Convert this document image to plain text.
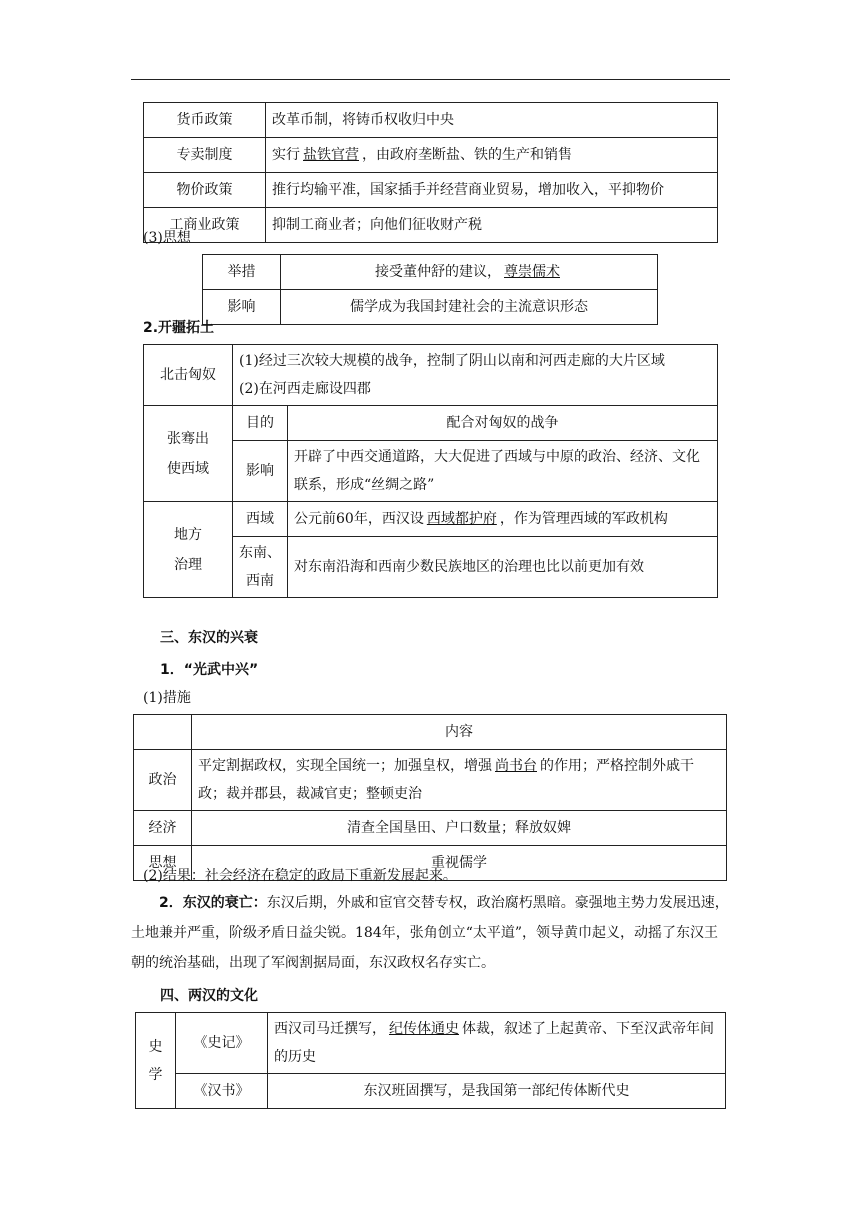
货币政策	改革币制，将铸币权收归中央
专卖制度	实行 盐铁官营 ，由政府垄断盐、铁的生产和销售
物价政策	推行均输平准，国家插手并经营商业贸易，增加收入，平抑物价
工商业政策	抑制工商业者；向他们征收财产税
(3)思想
举措	接受董仲舒的建议， 尊崇儒术
影响	儒学成为我国封建社会的主流意识形态
2.开疆拓土
北击匈奴	(1)经过三次较大规模的战争，控制了阴山以南和河西走廊的大片区域
(2)在河西走廊设四郡	

张骞出
使西域	目的	配合对匈奴的战争
	影响	开辟了中西交通道路，大大促进了西域与中原的政治、经济、文化联系，形成“丝绸之路”

地方
治理	西域	公元前60年，西汉设 西域都护府 ，作为管理西域的军政机构

	东南、
西南	对东南沿海和西南少数民族地区的治理也比以前更加有效
三、东汉的兴衰
1．“光武中兴”
(1)措施
	内容
政治	平定割据政权，实现全国统一；加强皇权，增强 尚书台 的作用；严格控制外戚干政；裁并郡县，裁减官吏；整顿吏治
经济	清查全国垦田、户口数量；释放奴婢
思想	重视儒学
(2)结果：社会经济在稳定的政局下重新发展起来。
2．东汉的衰亡：东汉后期，外戚和宦官交替专权，政治腐朽黑暗。豪强地主势力发展迅速，土地兼并严重，阶级矛盾日益尖锐。184年，张角创立“太平道”，领导黄巾起义，动摇了东汉王朝的统治基础，出现了军阀割据局面，东汉政权名存实亡。
四、两汉的文化
史
学	《史记》	西汉司马迁撰写， 纪传体通史 体裁，叙述了上起黄帝、下至汉武帝年间的历史
	《汉书》	东汉班固撰写，是我国第一部纪传体断代史
